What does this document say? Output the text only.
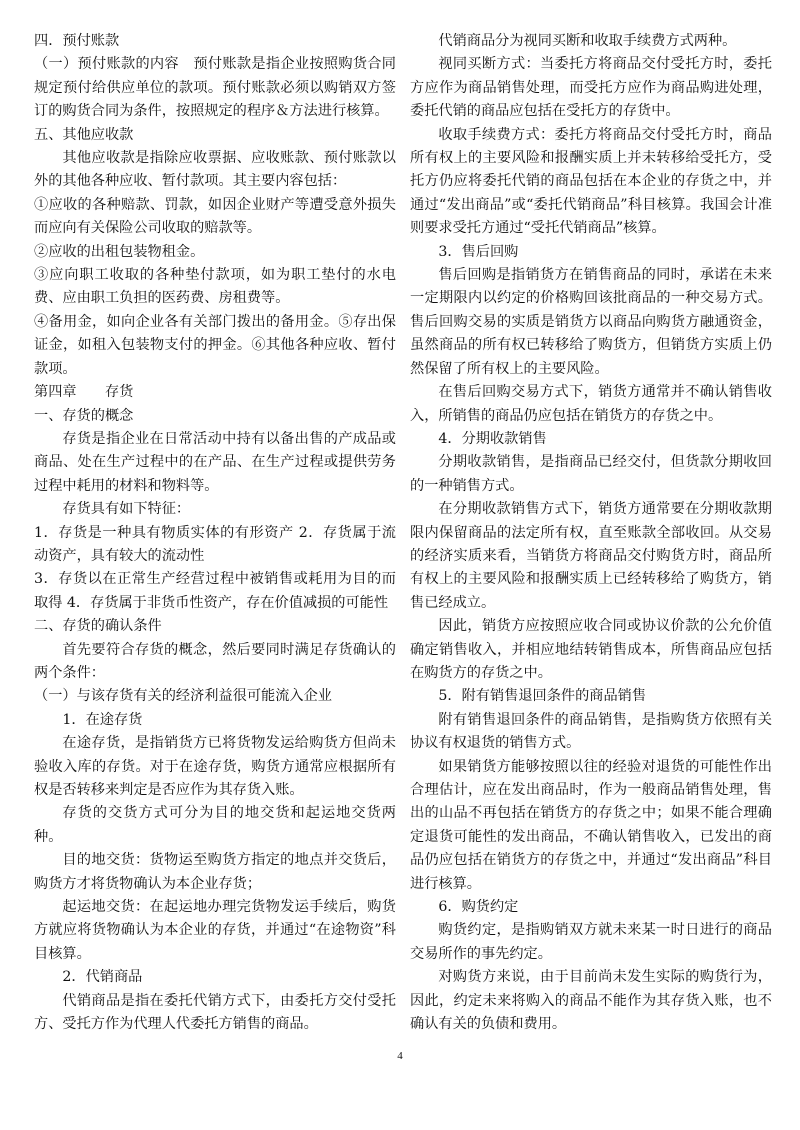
四．预付账款

（一）预付账款的内容　预付账款是指企业按照购货合同规定预付给供应单位的款项。预付账款必须以购销双方签订的购货合同为条件，按照规定的程序＆方法进行核算。

五、其他应收款

其他应收款是指除应收票据、应收账款、预付账款以外的其他各种应收、暂付款项。其主要内容包括：

①应收的各种赔款、罚款，如因企业财产等遭受意外损失而应向有关保险公司收取的赔款等。

②应收的出租包装物租金。

③应向职工收取的各种垫付款项，如为职工垫付的水电费、应由职工负担的医药费、房租费等。

④备用金，如向企业各有关部门拨出的备用金。⑤存出保证金，如租入包装物支付的押金。⑥其他各种应收、暂付款项。

第四章　　存货

一、存货的概念

存货是指企业在日常活动中持有以备出售的产成品或商品、处在生产过程中的在产品、在生产过程或提供劳务过程中耗用的材料和物料等。

存货具有如下特征：

1．存货是一种具有物质实体的有形资产 2．存货属于流动资产，具有较大的流动性

3．存货以在正常生产经营过程中被销售或耗用为目的而取得 4．存货属于非货币性资产，存在价值减损的可能性

二、存货的确认条件

首先要符合存货的概念，然后要同时满足存货确认的两个条件：

（一）与该存货有关的经济利益很可能流入企业

1．在途存货

在途存货，是指销货方已将货物发运给购货方但尚未验收入库的存货。对于在途存货，购货方通常应根据所有权是否转移来判定是否应作为其存货入账。

存货的交货方式可分为目的地交货和起运地交货两种。

目的地交货：货物运至购货方指定的地点并交货后，购货方才将货物确认为本企业存货；

起运地交货：在起运地办理完货物发运手续后，购货方就应将货物确认为本企业的存货，并通过“在途物资”科目核算。

2．代销商品

代销商品是指在委托代销方式下，由委托方交付受托方、受托方作为代理人代委托方销售的商品。

代销商品分为视同买断和收取手续费方式两种。

视同买断方式：当委托方将商品交付受托方时，委托方应作为商品销售处理，而受托方应作为商品购进处理，委托代销的商品应包括在受托方的存货中。

收取手续费方式：委托方将商品交付受托方时，商品所有权上的主要风险和报酬实质上并未转移给受托方，受托方仍应将委托代销的商品包括在本企业的存货之中，并通过“发出商品”或“委托代销商品”科目核算。我国会计准则要求受托方通过“受托代销商品”核算。

3．售后回购

售后回购是指销货方在销售商品的同时，承诺在未来一定期限内以约定的价格购回该批商品的一种交易方式。售后回购交易的实质是销货方以商品向购货方融通资金，虽然商品的所有权已转移给了购货方，但销货方实质上仍然保留了所有权上的主要风险。

在售后回购交易方式下，销货方通常并不确认销售收入，所销售的商品仍应包括在销货方的存货之中。

4．分期收款销售

分期收款销售，是指商品已经交付，但货款分期收回的一种销售方式。

在分期收款销售方式下，销货方通常要在分期收款期限内保留商品的法定所有权，直至账款全部收回。从交易的经济实质来看，当销货方将商品交付购货方时，商品所有权上的主要风险和报酬实质上已经转移给了购货方，销售已经成立。

因此，销货方应按照应收合同或协议价款的公允价值确定销售收入，并相应地结转销售成本，所售商品应包括在购货方的存货之中。

5．附有销售退回条件的商品销售

附有销售退回条件的商品销售，是指购货方依照有关协议有权退货的销售方式。

如果销货方能够按照以往的经验对退货的可能性作出合理估计，应在发出商品时，作为一般商品销售处理，售出的山品不再包括在销货方的存货之中；如果不能合理确定退货可能性的发出商品，不确认销售收入，已发出的商品仍应包括在销货方的存货之中，并通过“发出商品”科目进行核算。

6．购货约定

购货约定，是指购销双方就未来某一时日进行的商品交易所作的事先约定。

对购货方来说，由于目前尚未发生实际的购货行为，因此，约定未来将购入的商品不能作为其存货入账，也不确认有关的负债和费用。

4
